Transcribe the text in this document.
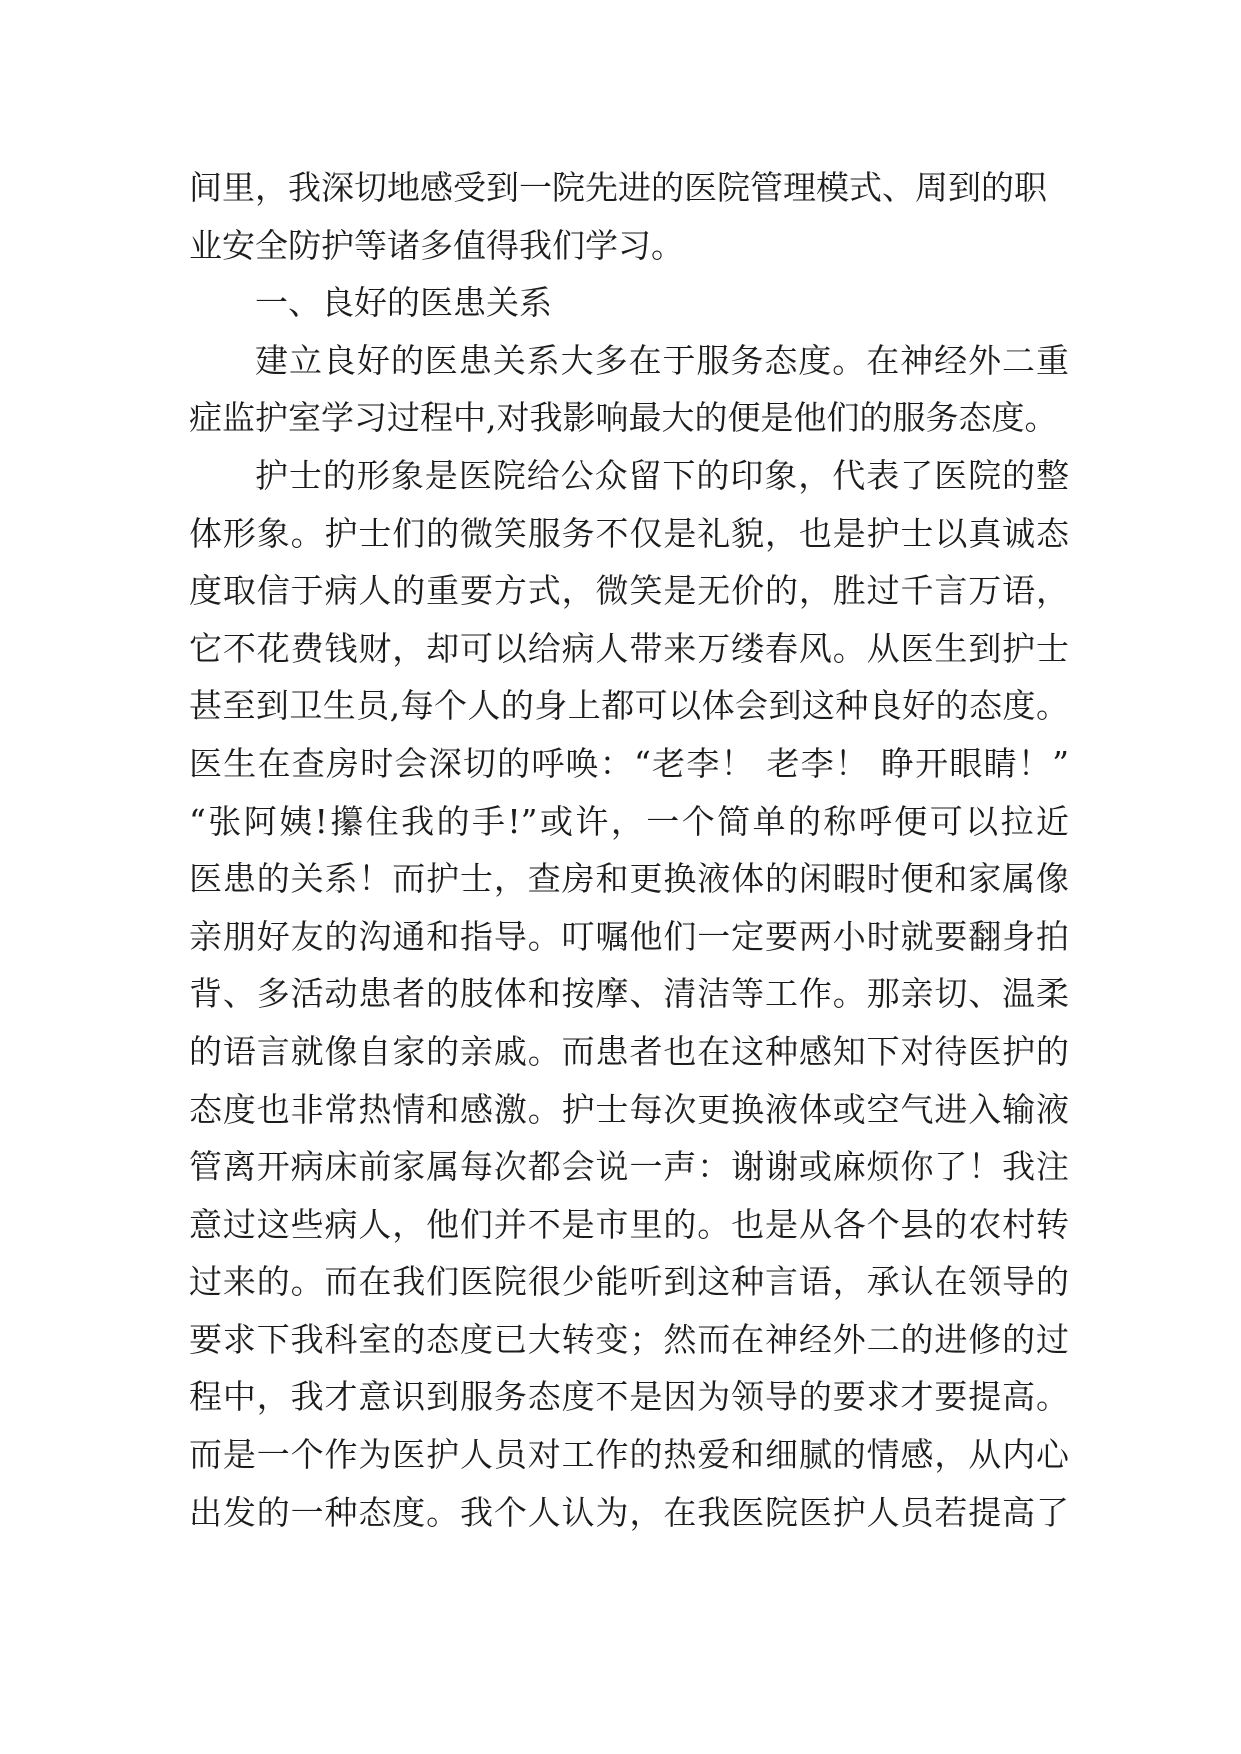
间里，我深切地感受到一院先进的医院管理模式、周到的职
业安全防护等诸多值得我们学习。
一、良好的医患关系
建立良好的医患关系大多在于服务态度。在神经外二重
症监护室学习过程中,对我影响最大的便是他们的服务态度。
护士的形象是医院给公众留下的印象，代表了医院的整
体形象。护士们的微笑服务不仅是礼貌，也是护士以真诚态
度取信于病人的重要方式，微笑是无价的，胜过千言万语，
它不花费钱财，却可以给病人带来万缕春风。从医生到护士
甚至到卫生员,每个人的身上都可以体会到这种良好的态度。
医生在查房时会深切的呼唤：“老李！ 老李！ 睁开眼睛！”
“张阿姨!攥住我的手!”或许，一个简单的称呼便可以拉近
医患的关系！而护士，查房和更换液体的闲暇时便和家属像
亲朋好友的沟通和指导。叮嘱他们一定要两小时就要翻身拍
背、多活动患者的肢体和按摩、清洁等工作。那亲切、温柔
的语言就像自家的亲戚。而患者也在这种感知下对待医护的
态度也非常热情和感激。护士每次更换液体或空气进入输液
管离开病床前家属每次都会说一声：谢谢或麻烦你了！我注
意过这些病人，他们并不是市里的。也是从各个县的农村转
过来的。而在我们医院很少能听到这种言语，承认在领导的
要求下我科室的态度已大转变；然而在神经外二的进修的过
程中，我才意识到服务态度不是因为领导的要求才要提高。
而是一个作为医护人员对工作的热爱和细腻的情感，从内心
出发的一种态度。我个人认为，在我医院医护人员若提高了
